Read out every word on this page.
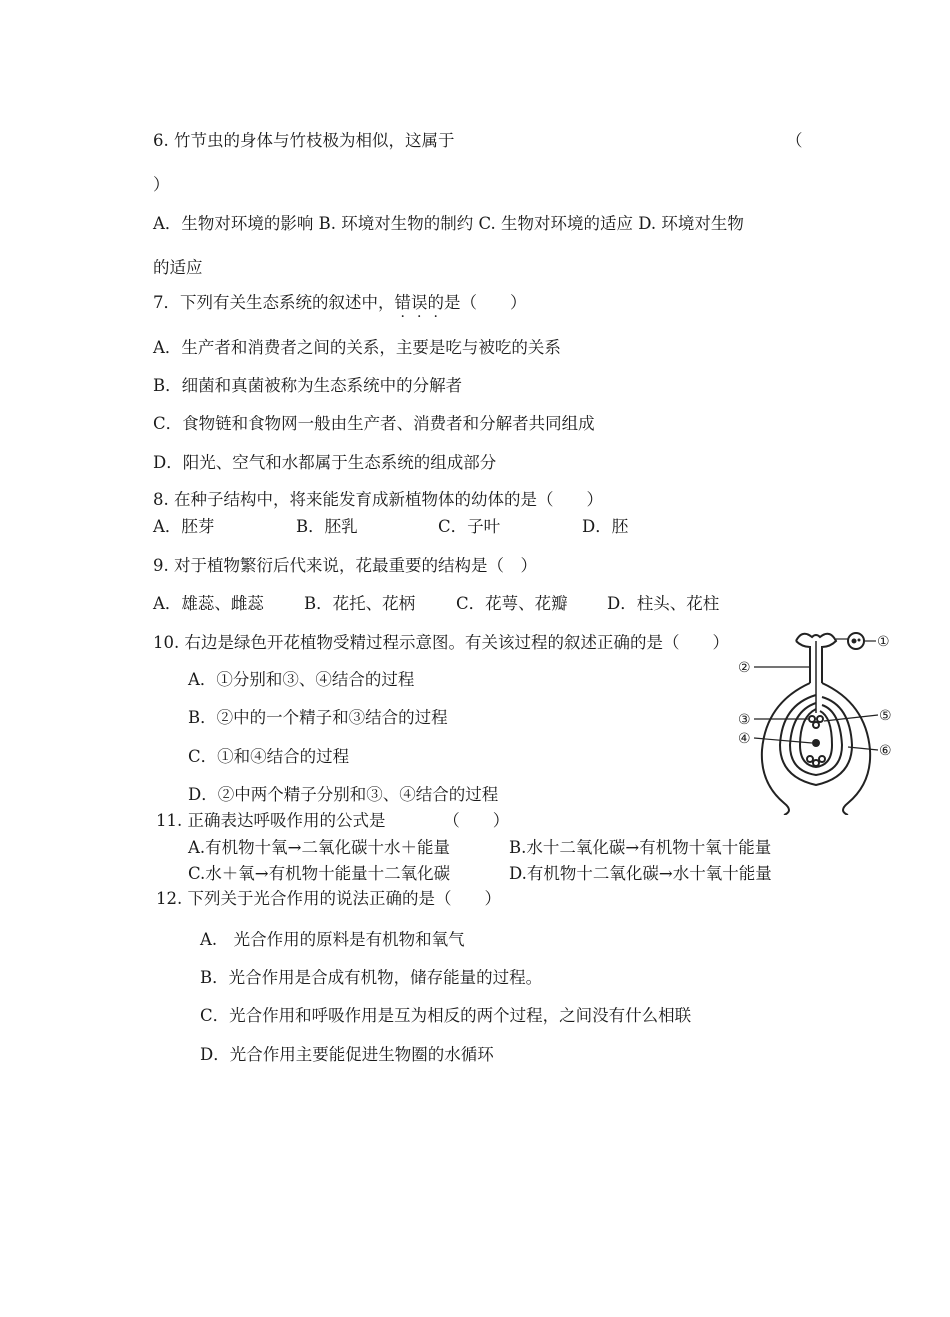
6. 竹节虫的身体与竹枝极为相似，这属于	（
）
A．生物对环境的影响 B. 环境对生物的制约 C. 生物对环境的适应 D. 环境对生物
的适应
7．下列有关生态系统的叙述中，错误的是（　　）
A．生产者和消费者之间的关系，主要是吃与被吃的关系
B．细菌和真菌被称为生态系统中的分解者
C．食物链和食物网一般由生产者、消费者和分解者共同组成
D．阳光、空气和水都属于生态系统的组成部分
8. 在种子结构中，将来能发育成新植物体的幼体的是（　　）
A．胚芽	B．胚乳	C．子叶	D．胚
9. 对于植物繁衍后代来说，花最重要的结构是（　）
A．雄蕊、雌蕊 B．花托、花柄 C．花萼、花瓣 D．柱头、花柱
10. 右边是绿色开花植物受精过程示意图。有关该过程的叙述正确的是（　　）
A．①分别和③、④结合的过程
B．②中的一个精子和③结合的过程
C．①和④结合的过程
D．②中两个精子分别和③、④结合的过程
①
②
③
④
⑤
⑥
11. 正确表达呼吸作用的公式是　　　　（　　）
A.有机物十氧→二氧化碳十水＋能量	B.水十二氧化碳→有机物十氧十能量
C.水＋氧→有机物十能量十二氧化碳	D.有机物十二氧化碳→水十氧十能量
12. 下列关于光合作用的说法正确的是（　　）
A.　光合作用的原料是有机物和氧气
B．光合作用是合成有机物，储存能量的过程。
C．光合作用和呼吸作用是互为相反的两个过程，之间没有什么相联
D．光合作用主要能促进生物圈的水循环
